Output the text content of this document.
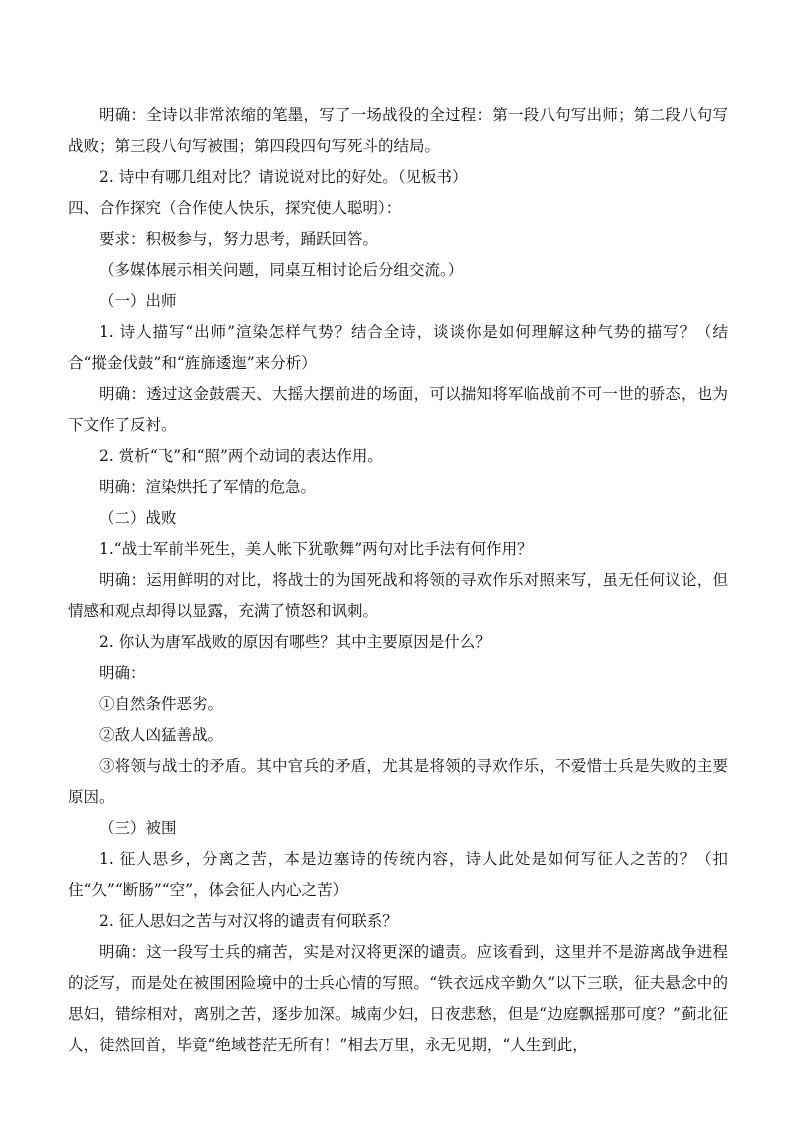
明确：全诗以非常浓缩的笔墨，写了一场战役的全过程：第一段八句写出师；第二段八句写战败；第三段八句写被围；第四段四句写死斗的结局。

2. 诗中有哪几组对比？请说说对比的好处。（见板书）

四、合作探究（合作使人快乐，探究使人聪明）：

要求：积极参与，努力思考，踊跃回答。

（多媒体展示相关问题，同桌互相讨论后分组交流。）

（一）出师

1. 诗人描写“出师”渲染怎样气势？结合全诗，谈谈你是如何理解这种气势的描写？（结合“摐金伐鼓”和“旌旆逶迤”来分析）

明确：透过这金鼓震天、大摇大摆前进的场面，可以揣知将军临战前不可一世的骄态，也为下文作了反衬。

2. 赏析“飞”和“照”两个动词的表达作用。

明确：渲染烘托了军情的危急。

（二）战败

1.“战士军前半死生，美人帐下犹歌舞”两句对比手法有何作用？

明确：运用鲜明的对比，将战士的为国死战和将领的寻欢作乐对照来写，虽无任何议论，但情感和观点却得以显露，充满了愤怒和讽刺。

2. 你认为唐军战败的原因有哪些？其中主要原因是什么？

明确：

①自然条件恶劣。

②敌人凶猛善战。

③将领与战士的矛盾。其中官兵的矛盾，尤其是将领的寻欢作乐，不爱惜士兵是失败的主要原因。

（三）被围

1. 征人思乡，分离之苦，本是边塞诗的传统内容，诗人此处是如何写征人之苦的？（扣住“久”“断肠”“空”，体会征人内心之苦）

2. 征人思妇之苦与对汉将的谴责有何联系？

明确：这一段写士兵的痛苦，实是对汉将更深的谴责。应该看到，这里并不是游离战争进程的泛写，而是处在被围困险境中的士兵心情的写照。“铁衣远戍辛勤久”以下三联，征夫悬念中的思妇，错综相对，离别之苦，逐步加深。城南少妇，日夜悲愁，但是“边庭飘摇那可度？”蓟北征人，徒然回首，毕竟“绝域苍茫无所有！”相去万里，永无见期，“人生到此，
